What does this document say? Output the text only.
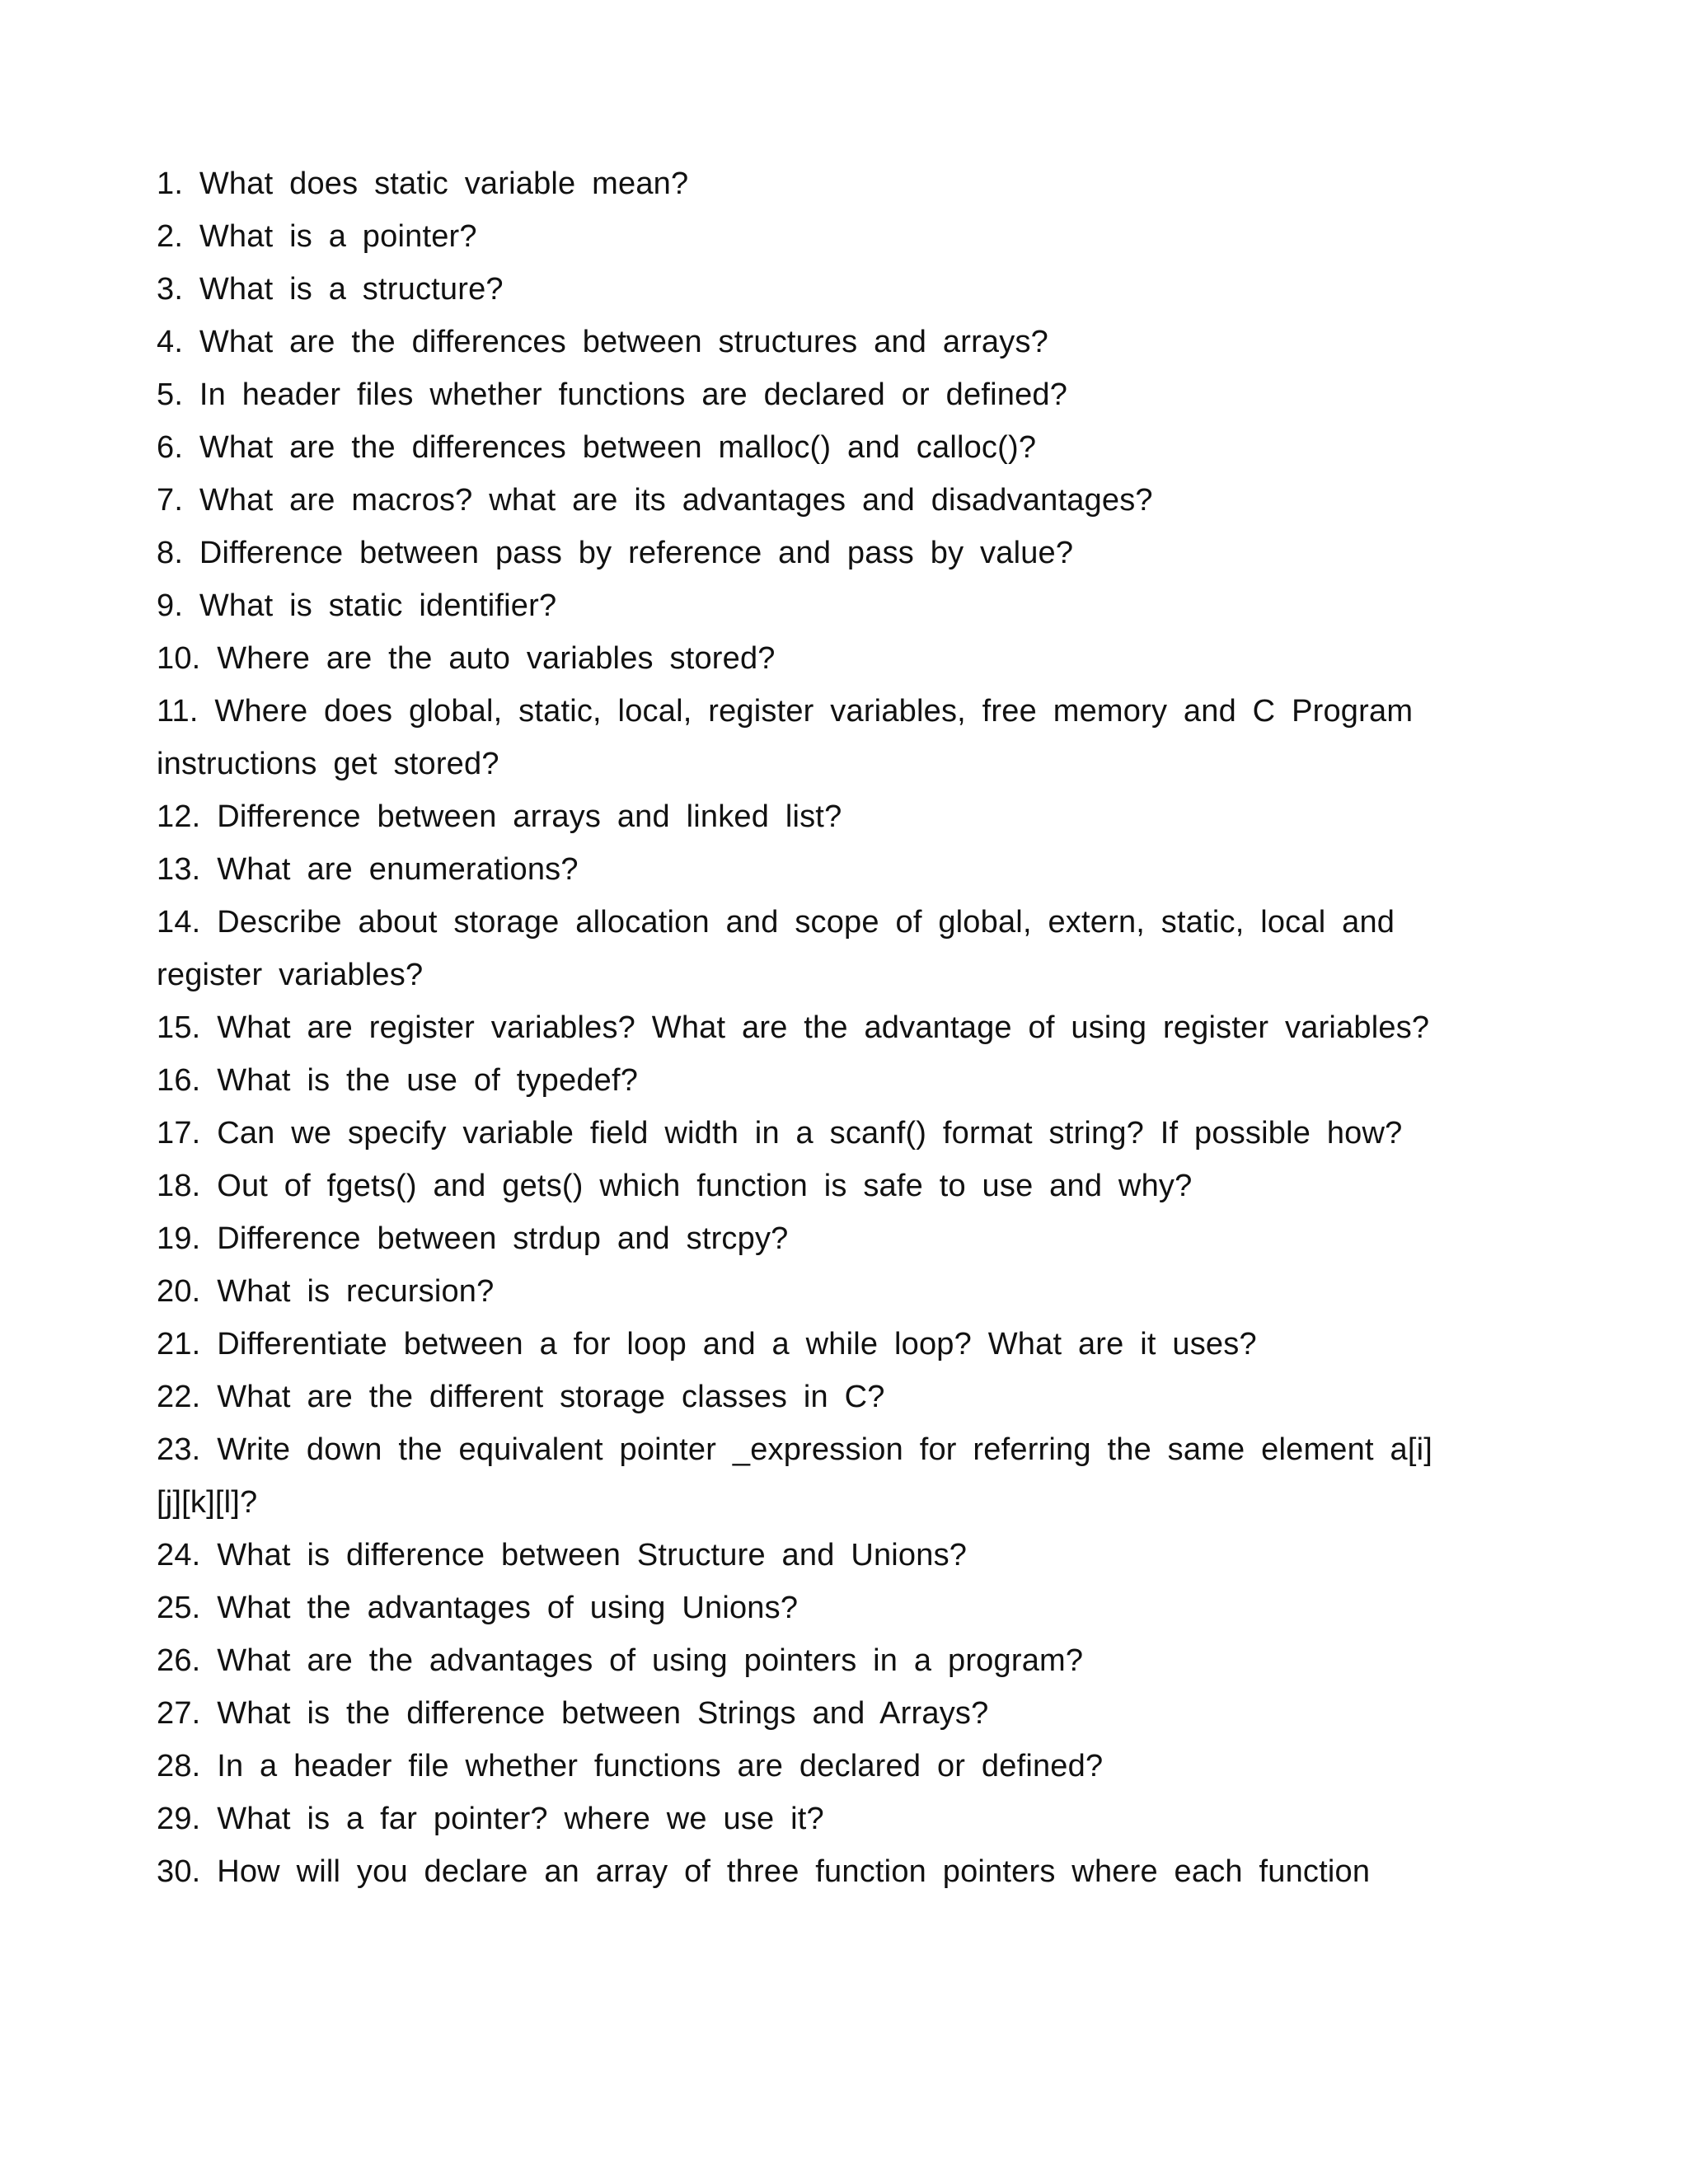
1. What does static variable mean?
2. What is a pointer?
3. What is a structure?
4. What are the differences between structures and arrays?
5. In header files whether functions are declared or defined?
6. What are the differences between malloc() and calloc()?
7. What are macros? what are its advantages and disadvantages?
8. Difference between pass by reference and pass by value?
9. What is static identifier?
10. Where are the auto variables stored?
11. Where does global, static, local, register variables, free memory and C Program instructions get stored?
12. Difference between arrays and linked list?
13. What are enumerations?
14. Describe about storage allocation and scope of global, extern, static, local and register variables?
15. What are register variables? What are the advantage of using register variables?
16. What is the use of typedef?
17. Can we specify variable field width in a scanf() format string? If possible how?
18. Out of fgets() and gets() which function is safe to use and why?
19. Difference between strdup and strcpy?
20. What is recursion?
21. Differentiate between a for loop and a while loop? What are it uses?
22. What are the different storage classes in C?
23. Write down the equivalent pointer _expression for referring the same element a[i][j][k][l]?
24. What is difference between Structure and Unions?
25. What the advantages of using Unions?
26. What are the advantages of using pointers in a program?
27. What is the difference between Strings and Arrays?
28. In a header file whether functions are declared or defined?
29. What is a far pointer? where we use it?
30. How will you declare an array of three function pointers where each function
